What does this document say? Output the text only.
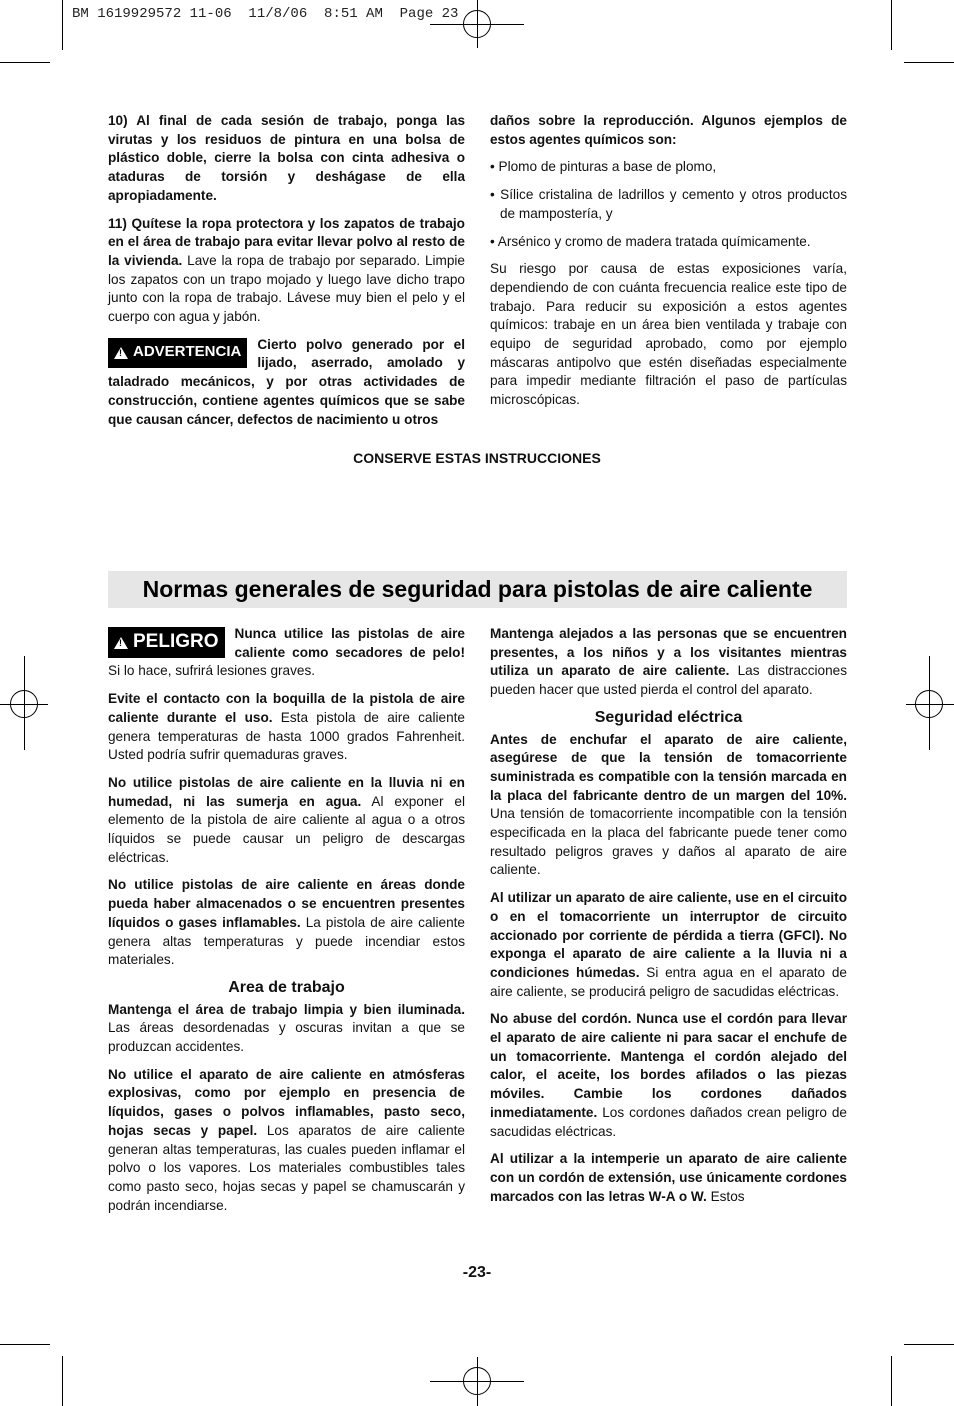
BM 1619929572 11-06  11/8/06  8:51 AM  Page 23

10) Al final de cada sesión de trabajo, ponga las virutas y los residuos de pintura en una bolsa de plástico doble, cierre la bolsa con cinta adhesiva o ataduras de torsión y deshágase de ella apropiadamente.

11) Quítese la ropa protectora y los zapatos de trabajo en el área de trabajo para evitar llevar polvo al resto de la vivienda. Lave la ropa de trabajo por separado. Limpie los zapatos con un trapo mojado y luego lave dicho trapo junto con la ropa de trabajo. Lávese muy bien el pelo y el cuerpo con agua y jabón.

! ADVERTENCIA Cierto polvo generado por el lijado, aserrado, amolado y taladrado mecánicos, y por otras actividades de construcción, contiene agentes químicos que se sabe que causan cáncer, defectos de nacimiento u otros

daños sobre la reproducción. Algunos ejemplos de estos agentes químicos son:

• Plomo de pinturas a base de plomo,

• Sílice cristalina de ladrillos y cemento y otros productos de mampostería, y

• Arsénico y cromo de madera tratada químicamente.

Su riesgo por causa de estas exposiciones varía, dependiendo de con cuánta frecuencia realice este tipo de trabajo. Para reducir su exposición a estos agentes químicos: trabaje en un área bien ventilada y trabaje con equipo de seguridad aprobado, como por ejemplo máscaras antipolvo que estén diseñadas especialmente para impedir mediante filtración el paso de partículas microscópicas.

CONSERVE ESTAS INSTRUCCIONES
Normas generales de seguridad para pistolas de aire caliente
! PELIGRO Nunca utilice las pistolas de aire caliente como secadores de pelo! Si lo hace, sufrirá lesiones graves.

Evite el contacto con la boquilla de la pistola de aire caliente durante el uso. Esta pistola de aire caliente genera temperaturas de hasta 1000 grados Fahrenheit. Usted podría sufrir quemaduras graves.

No utilice pistolas de aire caliente en la lluvia ni en humedad, ni las sumerja en agua. Al exponer el elemento de la pistola de aire caliente al agua o a otros líquidos se puede causar un peligro de descargas eléctricas.

No utilice pistolas de aire caliente en áreas donde pueda haber almacenados o se encuentren presentes líquidos o gases inflamables. La pistola de aire caliente genera altas temperaturas y puede incendiar estos materiales.

Area de trabajo

Mantenga el área de trabajo limpia y bien iluminada. Las áreas desordenadas y oscuras invitan a que se produzcan accidentes.

No utilice el aparato de aire caliente en atmósferas explosivas, como por ejemplo en presencia de líquidos, gases o polvos inflamables, pasto seco, hojas secas y papel. Los aparatos de aire caliente generan altas temperaturas, las cuales pueden inflamar el polvo o los vapores. Los materiales combustibles tales como pasto seco, hojas secas y papel se chamuscarán y podrán incendiarse.

Mantenga alejados a las personas que se encuentren presentes, a los niños y a los visitantes mientras utiliza un aparato de aire caliente. Las distracciones pueden hacer que usted pierda el control del aparato.

Seguridad eléctrica

Antes de enchufar el aparato de aire caliente, asegúrese de que la tensión de tomacorriente suministrada es compatible con la tensión marcada en la placa del fabricante dentro de un margen del 10%. Una tensión de tomacorriente incompatible con la tensión especificada en la placa del fabricante puede tener como resultado peligros graves y daños al aparato de aire caliente.

Al utilizar un aparato de aire caliente, use en el circuito o en el tomacorriente un interruptor de circuito accionado por corriente de pérdida a tierra (GFCI). No exponga el aparato de aire caliente a la lluvia ni a condiciones húmedas. Si entra agua en el aparato de aire caliente, se producirá peligro de sacudidas eléctricas.

No abuse del cordón. Nunca use el cordón para llevar el aparato de aire caliente ni para sacar el enchufe de un tomacorriente. Mantenga el cordón alejado del calor, el aceite, los bordes afilados o las piezas móviles. Cambie los cordones dañados inmediatamente. Los cordones dañados crean peligro de sacudidas eléctricas.

Al utilizar a la intemperie un aparato de aire caliente con un cordón de extensión, use únicamente cordones marcados con las letras W-A o W. Estos

-23-
